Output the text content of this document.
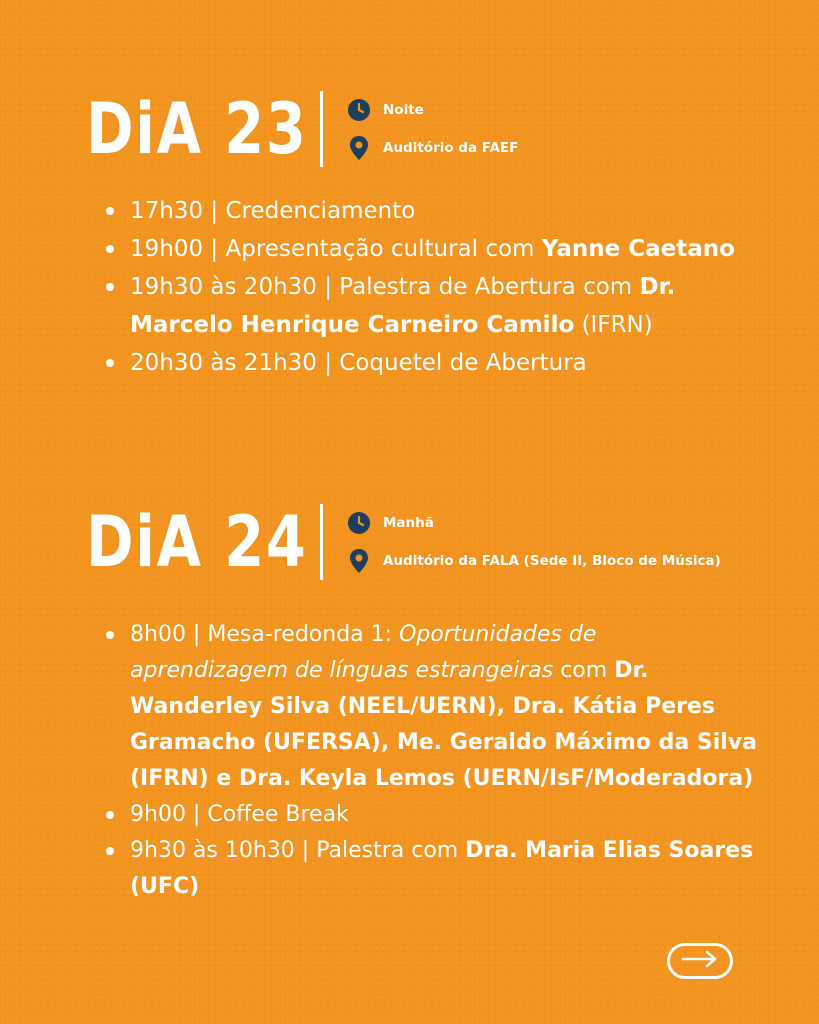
DiA 23	Noite
Auditório da FAEF
17h30 | Credenciamento
19h00 | Apresentação cultural com Yanne Caetano
19h30 às 20h30 | Palestra de Abertura com Dr. Marcelo Henrique Carneiro Camilo (IFRN)
20h30 às 21h30 | Coquetel de Abertura
DiA 24	Manhã
Auditório da FALA (Sede II, Bloco de Música)
8h00 | Mesa-redonda 1: Oportunidades de aprendizagem de línguas estrangeiras com Dr. Wanderley Silva (NEEL/UERN), Dra. Kátia Peres Gramacho (UFERSA), Me. Geraldo Máximo da Silva (IFRN) e Dra. Keyla Lemos (UERN/IsF/Moderadora)
9h00 | Coffee Break
9h30 às 10h30 | Palestra com Dra. Maria Elias Soares (UFC)
